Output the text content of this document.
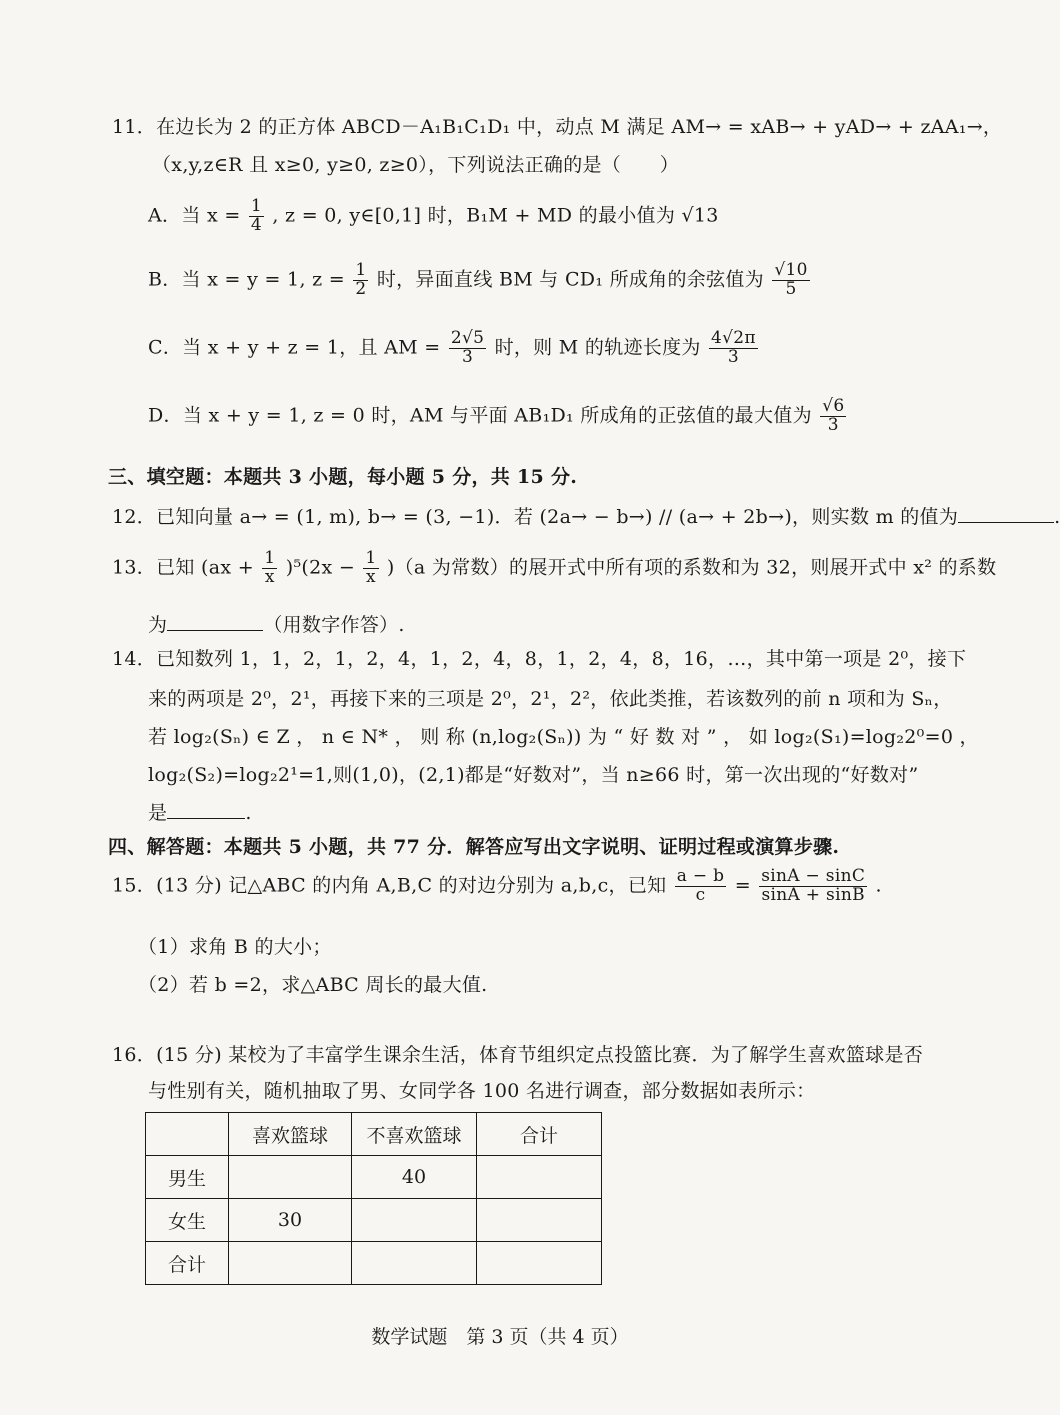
11．在边长为 2 的正方体 ABCD－A₁B₁C₁D₁ 中，动点 M 满足 AM→ = xAB→ + yAD→ + zAA₁→，
（x,y,z∈R 且 x≥0, y≥0, z≥0），下列说法正确的是（　　）
A．当 $x = \frac{1}{4}$ , z = 0, y∈[0,1] 时，B₁M + MD 的最小值为 √13
B．当 x = y = 1, $z = \frac{1}{2}$ 时，异面直线 BM 与 CD₁ 所成角的余弦值为 $\frac{√10}{5}$
C．当 x + y + z = 1，且 AM = $\frac{2√5}{3}$ 时，则 M 的轨迹长度为 $\frac{4√2\pi}{3}$
D．当 x + y = 1, z = 0 时，AM 与平面 AB₁D₁ 所成角的正弦值的最大值为 $\frac{√6}{3}$
三、填空题：本题共 3 小题，每小题 5 分，共 15 分.
12．已知向量 a→ = (1, m), b→ = (3, −1)．若 (2a→ − b→) // (a→ + 2b→)，则实数 m 的值为	.
13．已知 $(ax + \frac{1}{x} )^5(2x - \frac{1}{x} )(a$ 为常数）的展开式中所有项的系数和为 32，则展开式中 x² 的系数
为	（用数字作答）.
14．已知数列 1，1，2，1，2，4，1，2，4，8，1，2，4，8，16，…，其中第一项是 2⁰，接下
来的两项是 2⁰，2¹，再接下来的三项是 2⁰，2¹，2²，依此类推，若该数列的前 n 项和为 Sₙ，
若 log₂(Sₙ) ∈ Z ， n ∈ N* ， 则 称 (n,log₂(Sₙ)) 为 “ 好 数 对 ” ， 如 log₂(S₁)=log₂2⁰=0 ，
log₂(S₂)=log₂2¹=1,则(1,0)，(2,1)都是“好数对”，当 n≥66 时，第一次出现的“好数对”
是	.
四、解答题：本题共 5 小题，共 77 分．解答应写出文字说明、证明过程或演算步骤.
15．(13 分) 记△ABC 的内角 A,B,C 的对边分别为 a,b,c，已知 $\frac{a - b}{c} = \frac{\sin A - \sin C}{\sin A + \sin B}$ .
（1）求角 B 的大小；
（2）若 b =2，求△ABC 周长的最大值.
16．(15 分) 某校为了丰富学生课余生活，体育节组织定点投篮比赛．为了解学生喜欢篮球是否
与性别有关，随机抽取了男、女同学各 100 名进行调查，部分数据如表所示：
	喜欢篮球	不喜欢篮球	合计
男生		40	
女生	30		
合计			
数学试题　第 3 页（共 4 页）
